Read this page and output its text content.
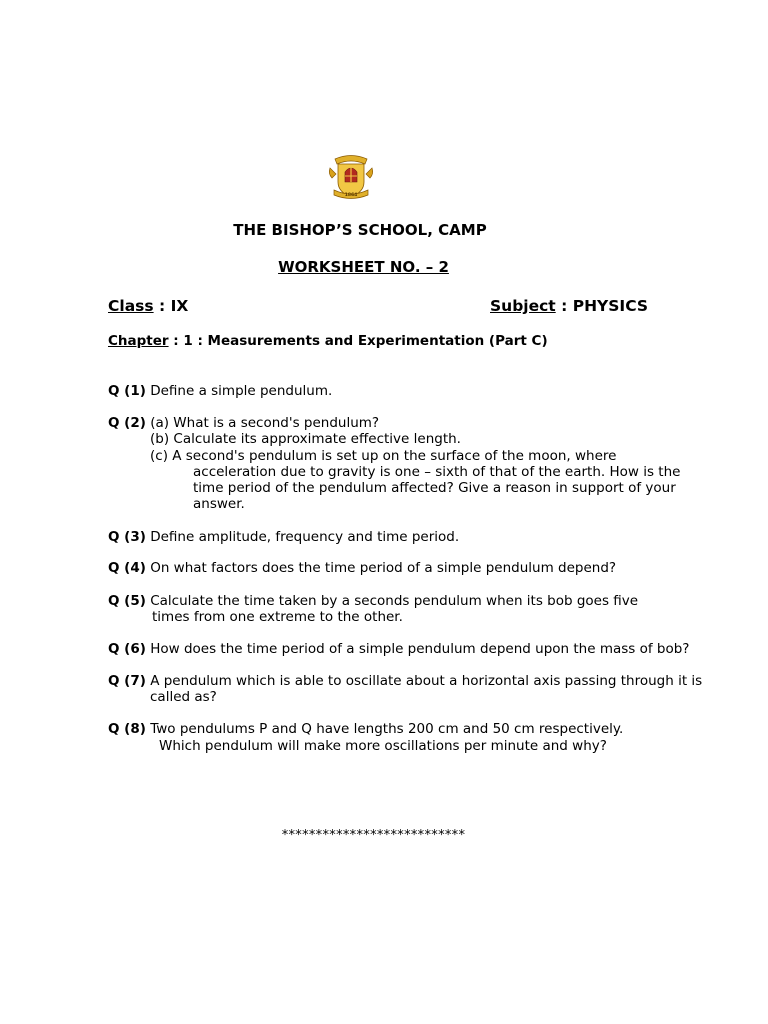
1864
THE BISHOP’S SCHOOL, CAMP
WORKSHEET NO. – 2
Class : IX	Subject : PHYSICS
Chapter : 1 : Measurements and Experimentation (Part C)
Q (1) Define a simple pendulum.
Q (2) (a) What is a second's pendulum?
(b) Calculate its approximate effective length.
(c) A second's pendulum is set up on the surface of the moon, where
acceleration due to gravity is one – sixth of that of the earth. How is the
time period of the pendulum affected? Give a reason in support of your
answer.
Q (3) Define amplitude, frequency and time period.
Q (4) On what factors does the time period of a simple pendulum depend?
Q (5) Calculate the time taken by a seconds pendulum when its bob goes five
times from one extreme to the other.
Q (6) How does the time period of a simple pendulum depend upon the mass of bob?
Q (7) A pendulum which is able to oscillate about a horizontal axis passing through it is
called as?
Q (8) Two pendulums P and Q have lengths 200 cm and 50 cm respectively.
Which pendulum will make more oscillations per minute and why?
***************************
